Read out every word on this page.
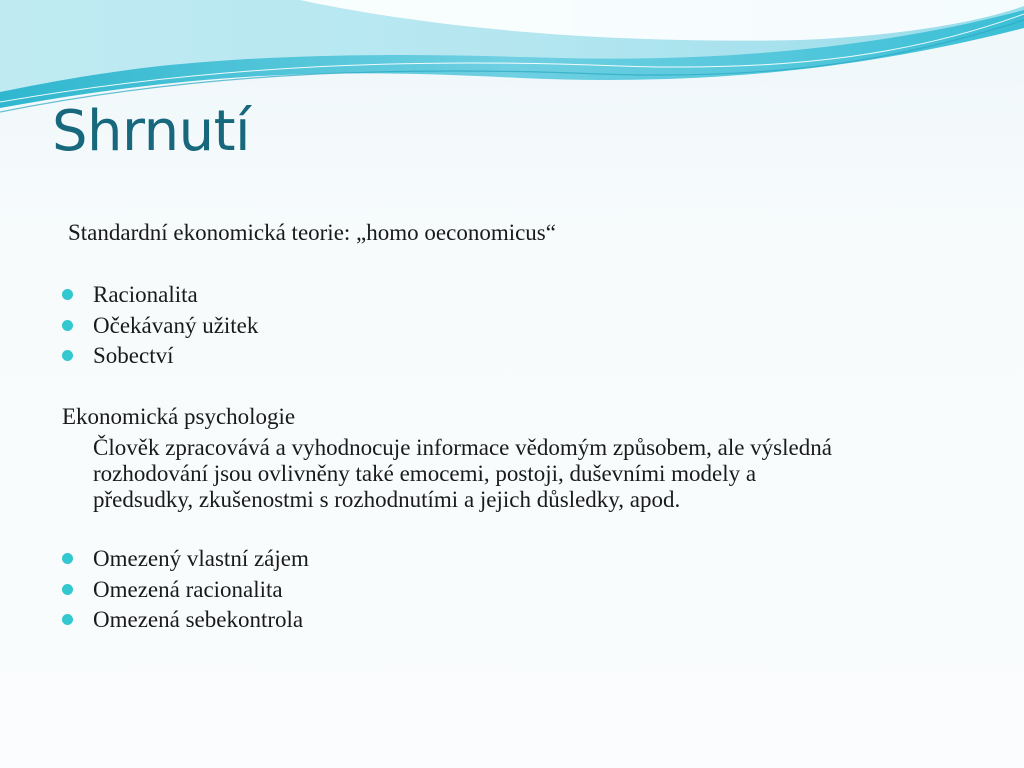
Shrnutí
Standardní ekonomická teorie: „homo oeconomicus“
Racionalita
Očekávaný užitek
Sobectví
Ekonomická psychologie

Člověk zpracovává a vyhodnocuje informace vědomým způsobem, ale výsledná
rozhodování jsou ovlivněny také emocemi, postoji, duševními modely a
předsudky, zkušenostmi s rozhodnutími a jejich důsledky, apod.

Omezený vlastní zájem
Omezená racionalita
Omezená sebekontrola
